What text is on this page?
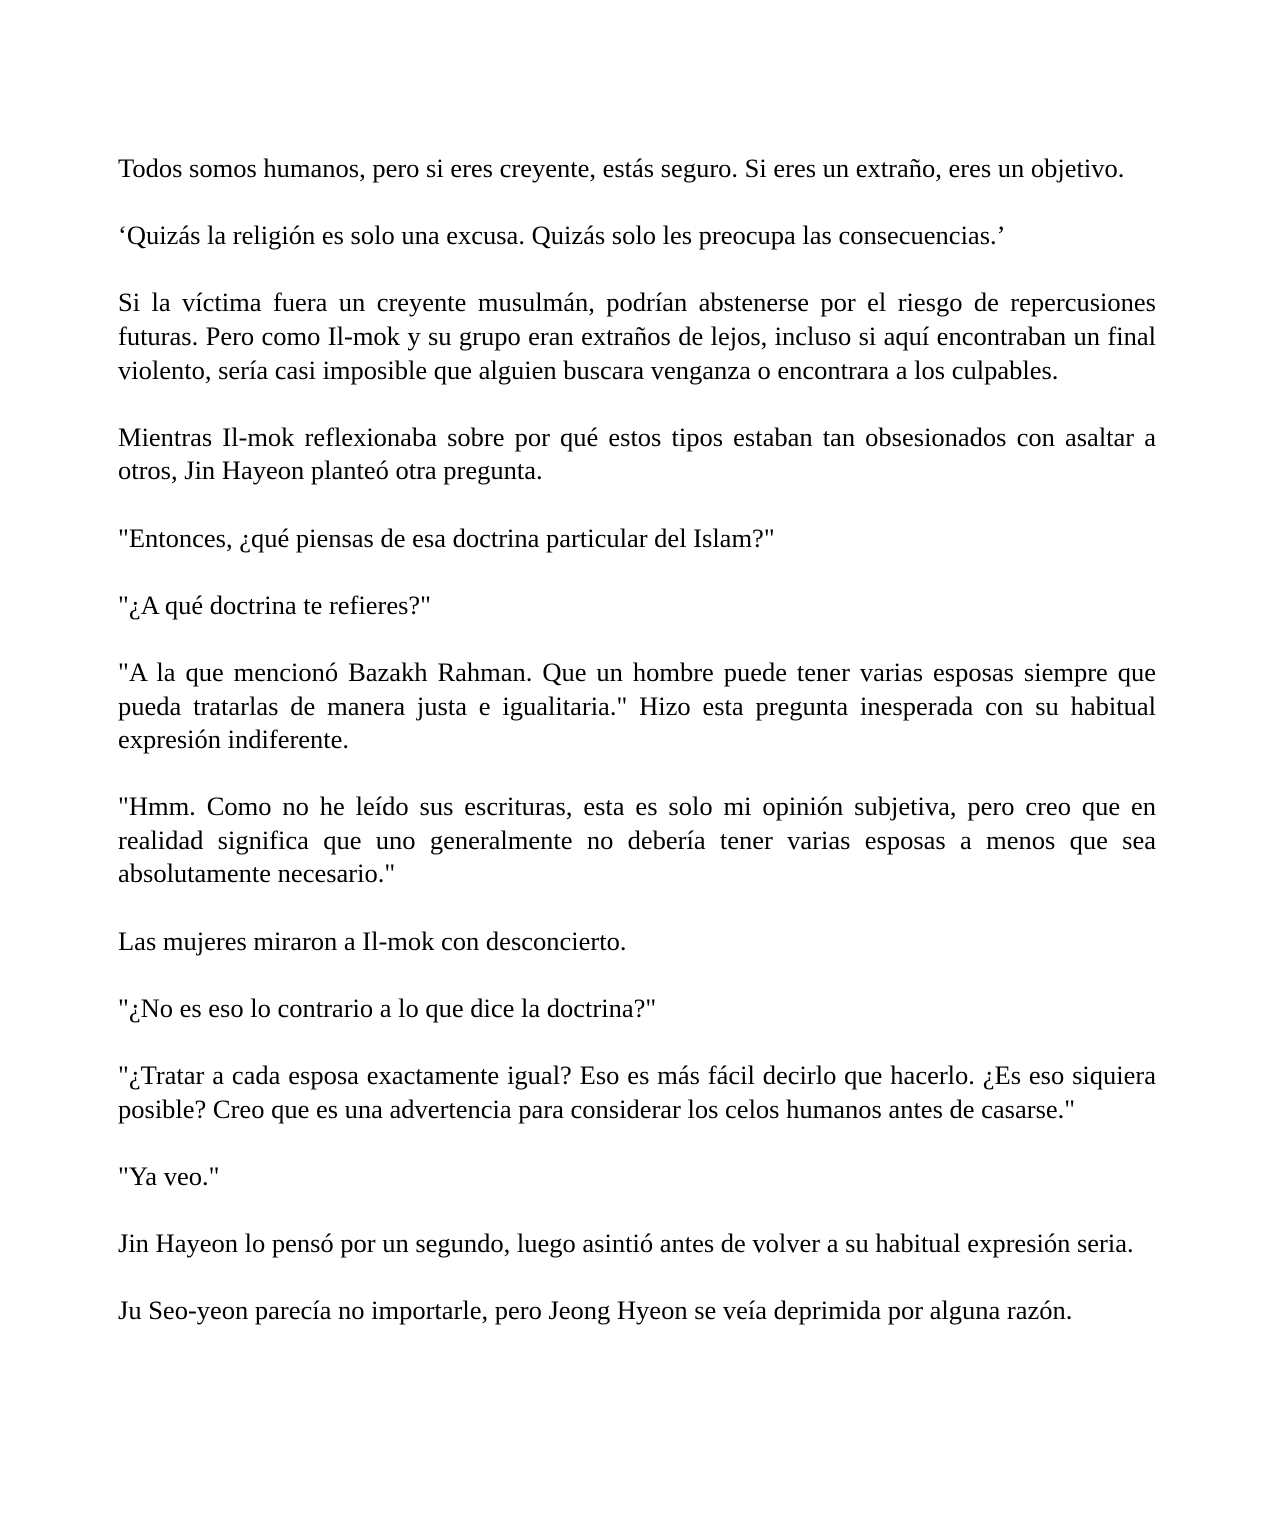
Todos somos humanos, pero si eres creyente, estás seguro. Si eres un extraño, eres un objetivo.

‘Quizás la religión es solo una excusa. Quizás solo les preocupa las consecuencias.’

Si la víctima fuera un creyente musulmán, podrían abstenerse por el riesgo de repercusiones futuras. Pero como Il-mok y su grupo eran extraños de lejos, incluso si aquí encontraban un final violento, sería casi imposible que alguien buscara venganza o encontrara a los culpables.

Mientras Il-mok reflexionaba sobre por qué estos tipos estaban tan obsesionados con asaltar a otros, Jin Hayeon planteó otra pregunta.

"Entonces, ¿qué piensas de esa doctrina particular del Islam?"

"¿A qué doctrina te refieres?"

"A la que mencionó Bazakh Rahman. Que un hombre puede tener varias esposas siempre que pueda tratarlas de manera justa e igualitaria." Hizo esta pregunta inesperada con su habitual expresión indiferente.

"Hmm. Como no he leído sus escrituras, esta es solo mi opinión subjetiva, pero creo que en realidad significa que uno generalmente no debería tener varias esposas a menos que sea absolutamente necesario."

Las mujeres miraron a Il-mok con desconcierto.

"¿No es eso lo contrario a lo que dice la doctrina?"

"¿Tratar a cada esposa exactamente igual? Eso es más fácil decirlo que hacerlo. ¿Es eso siquiera posible? Creo que es una advertencia para considerar los celos humanos antes de casarse."

"Ya veo."

Jin Hayeon lo pensó por un segundo, luego asintió antes de volver a su habitual expresión seria.

Ju Seo-yeon parecía no importarle, pero Jeong Hyeon se veía deprimida por alguna razón.
